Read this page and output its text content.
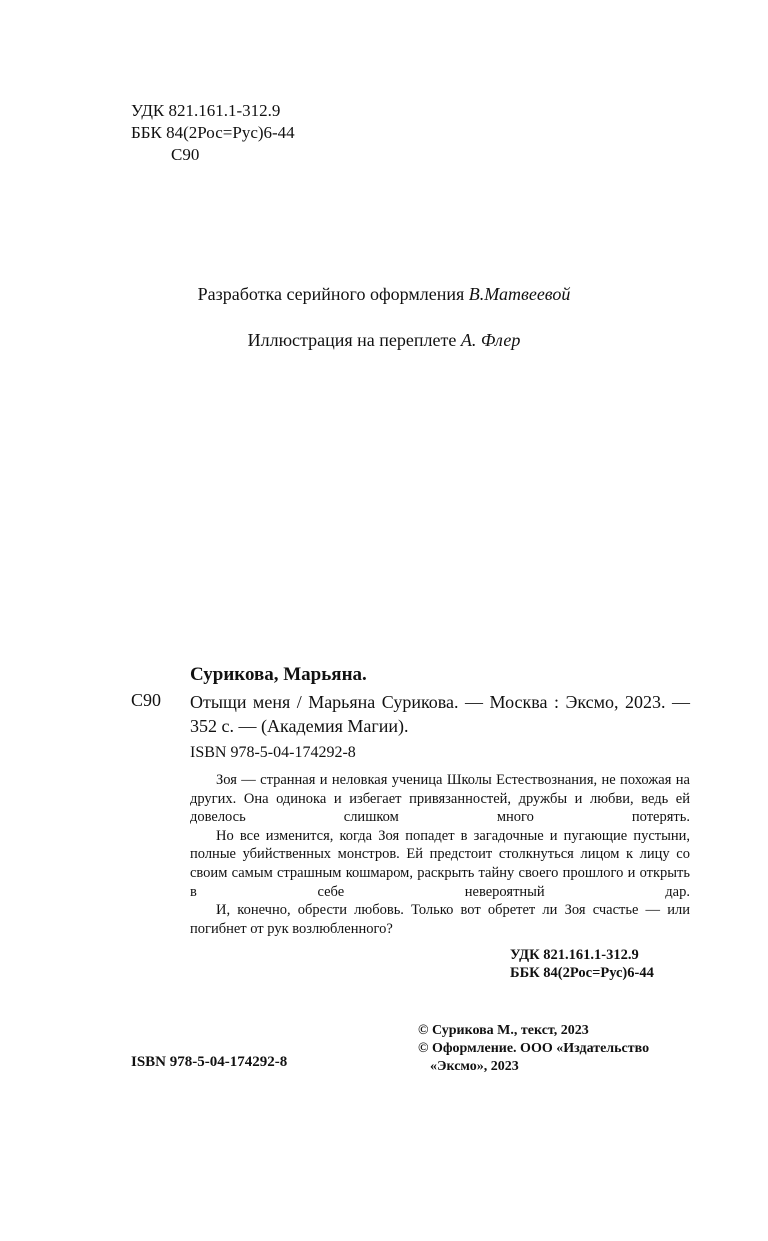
УДК 821.161.1-312.9
ББК 84(2Рос=Рус)6-44
С90
Разработка серийного оформления В.Матвеевой
Иллюстрация на переплете А. Флер
Сурикова, Марьяна.
С90 Отыщи меня / Марьяна Сурикова. — Москва : Эксмо, 2023. — 352 с. — (Академия Магии).
ISBN 978-5-04-174292-8

Зоя — странная и неловкая ученица Школы Естествознания, не похожая на других. Она одинока и избегает привязанностей, дружбы и любви, ведь ей довелось слишком много потерять.

Но все изменится, когда Зоя попадет в загадочные и пугающие пустыни, полные убийственных монстров. Ей предстоит столкнуться лицом к лицу со своим самым страшным кошмаром, раскрыть тайну своего прошлого и открыть в себе невероятный дар.

И, конечно, обрести любовь. Только вот обретет ли Зоя счастье — или погибнет от рук возлюбленного?

УДК 821.161.1-312.9
ББК 84(2Рос=Рус)6-44
© Сурикова М., текст, 2023
© Оформление. ООО «Издательство
«Эксмо», 2023
ISBN 978-5-04-174292-8
